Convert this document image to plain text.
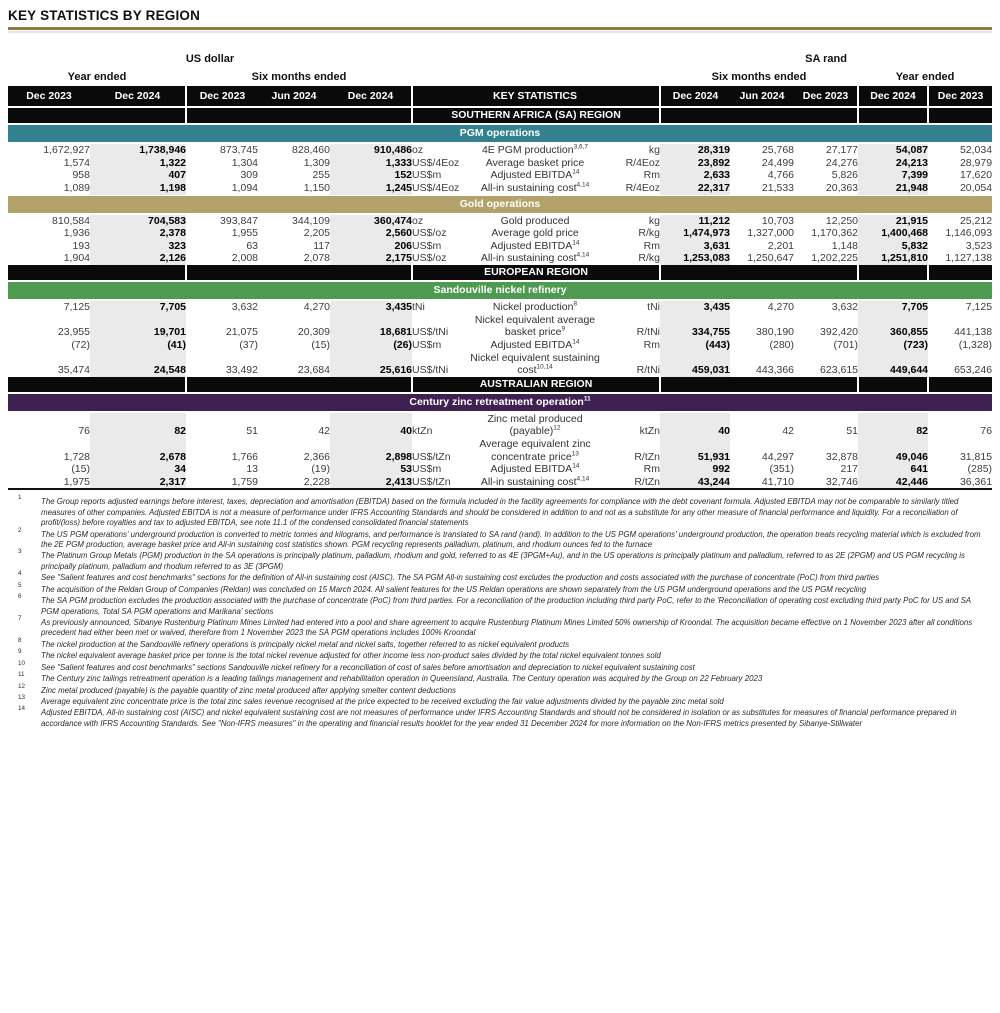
KEY STATISTICS BY REGION
US dollar								SA rand				
Year ended		Six months ended						Six months ended			Year ended	
Dec 2023	Dec 2024	Dec 2023	Jun 2024	Dec 2024		KEY STATISTICS		Dec 2024	Jun 2024	Dec 2023	Dec 2024	Dec 2023
					SOUTHERN AFRICA (SA) REGION							
PGM operations												
1,672,927	1,738,946	873,745	828,460	910,486	oz	4E PGM production$^{3,6,7}$	kg	28,319	25,768	27,177	54,087	52,034
1,574	1,322	1,304	1,309	1,333	US$/4Eoz	Average basket price	R/4Eoz	23,892	24,499	24,276	24,213	28,979
958	407	309	255	152	US$m	Adjusted EBITDA$^{14}$	Rm	2,633	4,766	5,826	7,399	17,620
1,089	1,198	1,094	1,150	1,245	US$/4Eoz	All-in sustaining cost$^{4,14}$	R/4Eoz	22,317	21,533	20,363	21,948	20,054
Gold operations												
810,584	704,583	393,847	344,109	360,474	oz	Gold produced	kg	11,212	10,703	12,250	21,915	25,212
1,936	2,378	1,955	2,205	2,560	US$/oz	Average gold price	R/kg	1,474,973	1,327,000	1,170,362	1,400,468	1,146,093
193	323	63	117	206	US$m	Adjusted EBITDA$^{14}$	Rm	3,631	2,201	1,148	5,832	3,523
1,904	2,126	2,008	2,078	2,175	US$/oz	All-in sustaining cost$^{4,14}$	R/kg	1,253,083	1,250,647	1,202,225	1,251,810	1,127,138
					EUROPEAN REGION							
Sandouville nickel refinery												
7,125	7,705	3,632	4,270	3,435	tNi	Nickel production$^8$	tNi	3,435	4,270	3,632	7,705	7,125
23,955	19,701	21,075	20,309	18,681	US$/tNi	Nickel equivalent average basket price$^9$	R/tNi	334,755	380,190	392,420	360,855	441,138
(72)	(41)	(37)	(15)	(26)	US$m	Adjusted EBITDA$^{14}$	Rm	(443)	(280)	(701)	(723)	(1,328)
35,474	24,548	33,492	23,684	25,616	US$/tNi	Nickel equivalent sustaining cost$^{10,14}$	R/tNi	459,031	443,366	623,615	449,644	653,246
					AUSTRALIAN REGION							
Century zinc retreatment operation$^{11}$
76	82	51	42	40	ktZn	Zinc metal produced (payable)$^{12}$	ktZn	40	42	51	82	76
1,728	2,678	1,766	2,366	2,898	US$/tZn	Average equivalent zinc concentrate price$^{13}$	R/tZn	51,931	44,297	32,878	49,046	31,815
(15)	34	13	(19)	53	US$m	Adjusted EBITDA$^{14}$	Rm	992	(351)	217	641	(285)
1,975	2,317	1,759	2,228	2,413	US$/tZn	All-in sustaining cost$^{4,14}$	R/tZn	43,244	41,710	32,746	42,446	36,361
1 The Group reports adjusted earnings before interest, taxes, depreciation and amortisation (EBITDA) based on the formula included in the facility agreements for compliance with the debt covenant formula. Adjusted EBITDA may not be comparable to similarly titled measures of other companies. Adjusted EBITDA is not a measure of performance under IFRS Accounting Standards and should be considered in addition to and not as a substitute for any other measure of financial performance and liquidity. For a reconciliation of profit/(loss) before royalties and tax to adjusted EBITDA, see note 11.1 of the condensed consolidated financial statements
2 The US PGM operations' underground production is converted to metric tonnes and kilograms, and performance is translated to SA rand (rand). In addition to the US PGM operations' underground production, the operation treats recycling material which is excluded from the 2E PGM production, average basket price and All-in sustaining cost statistics shown. PGM recycling represents palladium, platinum, and rhodium ounces fed to the furnace
3 The Platinum Group Metals (PGM) production in the SA operations is principally platinum, palladium, rhodium and gold, referred to as 4E (3PGM+Au), and in the US operations is principally platinum and palladium, referred to as 2E (2PGM) and US PGM recycling is principally platinum, palladium and rhodium referred to as 3E (3PGM)
4 See "Salient features and cost benchmarks" sections for the definition of All-in sustaining cost (AISC). The SA PGM All-in sustaining cost excludes the production and costs associated with the purchase of concentrate (PoC) from third parties
5 The acquisition of the Reldan Group of Companies (Reldan) was concluded on 15 March 2024. All salient features for the US Reldan operations are shown separately from the US PGM underground operations and the US PGM recycling
6 The SA PGM production excludes the production associated with the purchase of concentrate (PoC) from third parties. For a reconciliation of the production including third party PoC, refer to the 'Reconciliation of operating cost excluding third party PoC for US and SA PGM operations, Total SA PGM operations and Marikana' sections
7 As previously announced, Sibanye Rustenburg Platinum Mines Limited had entered into a pool and share agreement to acquire Rustenburg Platinum Mines Limited 50% ownership of Kroondal. The acquisition became effective on 1 November 2023 after all conditions precedent had either been met or waived, therefore from 1 November 2023 the SA PGM operations includes 100% Kroondal
8 The nickel production at the Sandouville refinery operations is principally nickel metal and nickel salts, together referred to as nickel equivalent products
9 The nickel equivalent average basket price per tonne is the total nickel revenue adjusted for other income less non-product sales divided by the total nickel equivalent tonnes sold
10 See "Salient features and cost benchmarks" sections Sandouville nickel refinery for a reconciliation of cost of sales before amortisation and depreciation to nickel equivalent sustaining cost
11 The Century zinc tailings retreatment operation is a leading tailings management and rehabilitation operation in Queensland, Australia. The Century operation was acquired by the Group on 22 February 2023
12 Zinc metal produced (payable) is the payable quantity of zinc metal produced after applying smelter content deductions
13 Average equivalent zinc concentrate price is the total zinc sales revenue recognised at the price expected to be received excluding the fair value adjustments divided by the payable zinc metal sold
14 Adjusted EBITDA, All-in sustaining cost (AISC) and nickel equivalent sustaining cost are not measures of performance under IFRS Accounting Standards and should not be considered in isolation or as substitutes for measures of financial performance prepared in accordance with IFRS Accounting Standards. See "Non-IFRS measures" in the operating and financial results booklet for the year ended 31 December 2024 for more information on the Non-IFRS metrics presented by Sibanye-Stillwater
